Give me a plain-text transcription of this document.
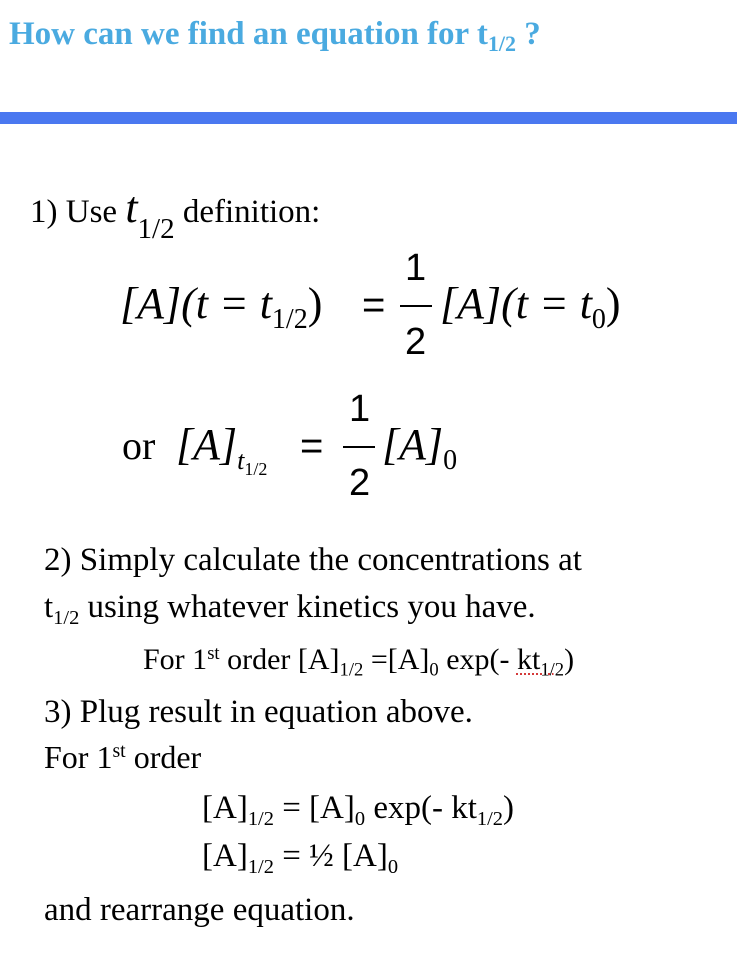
How can we find an equation for $t_{1/2}$ ?
1) Use t1/2 definition:
$[A](t = t_{1/2})$ =
1
2
$[A](t = t_0)$
or $[A]_t1/2$
=
1
2
$[A]_0$
2) Simply calculate the concentrations at
$t_{1/2}$ using whatever kinetics you have.
For 1st order $[A]_{1/2} =[A]_0$ exp(- $kt_{1/2}$)
3) Plug result in equation above.
For 1st order
$[A]_{1/2} = [A]_0$ exp(- $kt_{1/2}$)
$[A]_{1/2}$ = ½ $[A]_0$
and rearrange equation.
